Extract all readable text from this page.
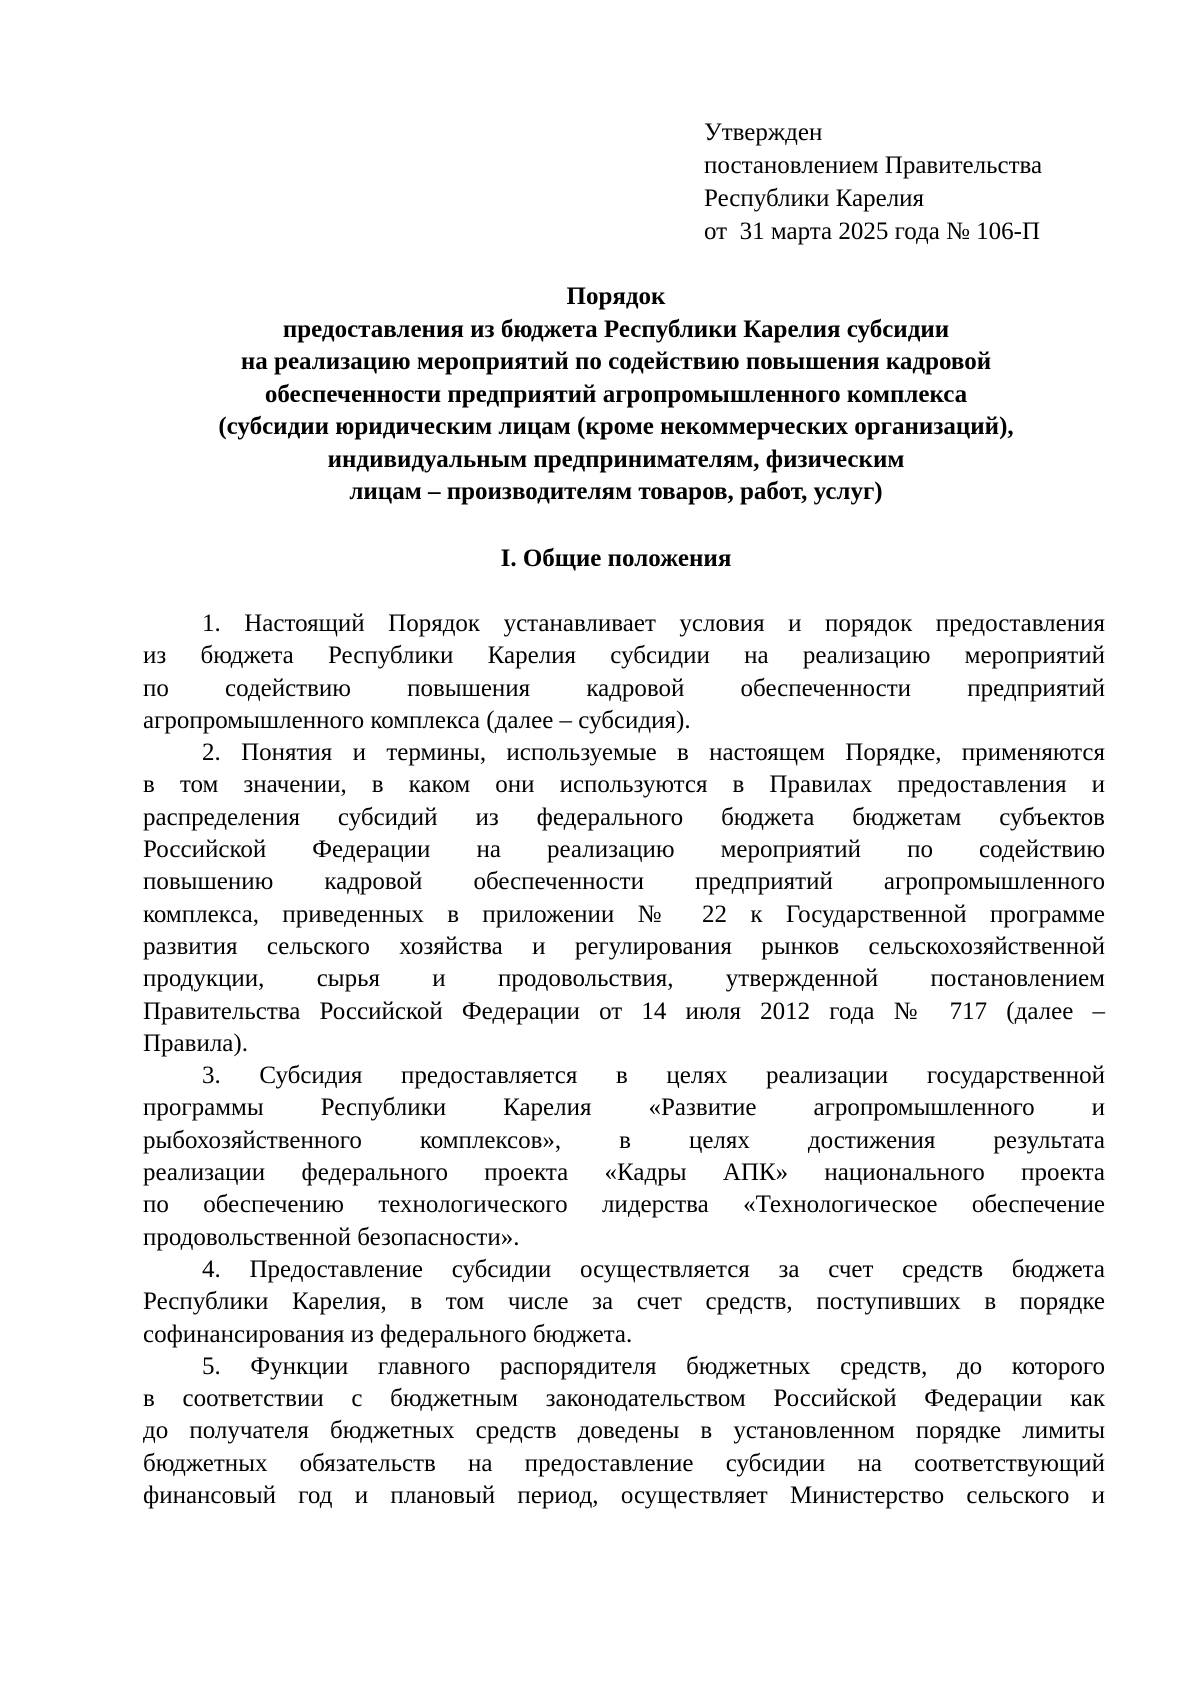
Утвержден
постановлением Правительства
Республики Карелия
от  31 марта 2025 года № 106-П
Порядок
предоставления из бюджета Республики Карелия субсидии
на реализацию мероприятий по содействию повышения кадровой
обеспеченности предприятий агропромышленного комплекса
(субсидии юридическим лицам (кроме некоммерческих организаций),
индивидуальным предпринимателям, физическим
лицам – производителям товаров, работ, услуг)
I. Общие положения
1. Настоящий Порядок устанавливает условия и порядок предоставления
из бюджета Республики Карелия субсидии на реализацию мероприятий
по содействию повышения кадровой обеспеченности предприятий
агропромышленного комплекса (далее – субсидия).
2. Понятия и термины, используемые в настоящем Порядке, применяются
в том значении, в каком они используются в Правилах предоставления и
распределения субсидий из федерального бюджета бюджетам субъектов
Российской Федерации на реализацию мероприятий по содействию
повышению кадровой обеспеченности предприятий агропромышленного
комплекса, приведенных в приложении № 22 к Государственной программе
развития сельского хозяйства и регулирования рынков сельскохозяйственной
продукции, сырья и продовольствия, утвержденной постановлением
Правительства Российской Федерации от 14 июля 2012 года № 717 (далее –
Правила).
3. Субсидия предоставляется в целях реализации государственной
программы Республики Карелия «Развитие агропромышленного и
рыбохозяйственного комплексов», в целях достижения результата
реализации федерального проекта «Кадры АПК» национального проекта
по обеспечению технологического лидерства «Технологическое обеспечение
продовольственной безопасности».
4. Предоставление субсидии осуществляется за счет средств бюджета
Республики Карелия, в том числе за счет средств, поступивших в порядке
софинансирования из федерального бюджета.
5. Функции главного распорядителя бюджетных средств, до которого
в соответствии с бюджетным законодательством Российской Федерации как
до получателя бюджетных средств доведены в установленном порядке лимиты
бюджетных обязательств на предоставление субсидии на соответствующий
финансовый год и плановый период, осуществляет Министерство сельского и
